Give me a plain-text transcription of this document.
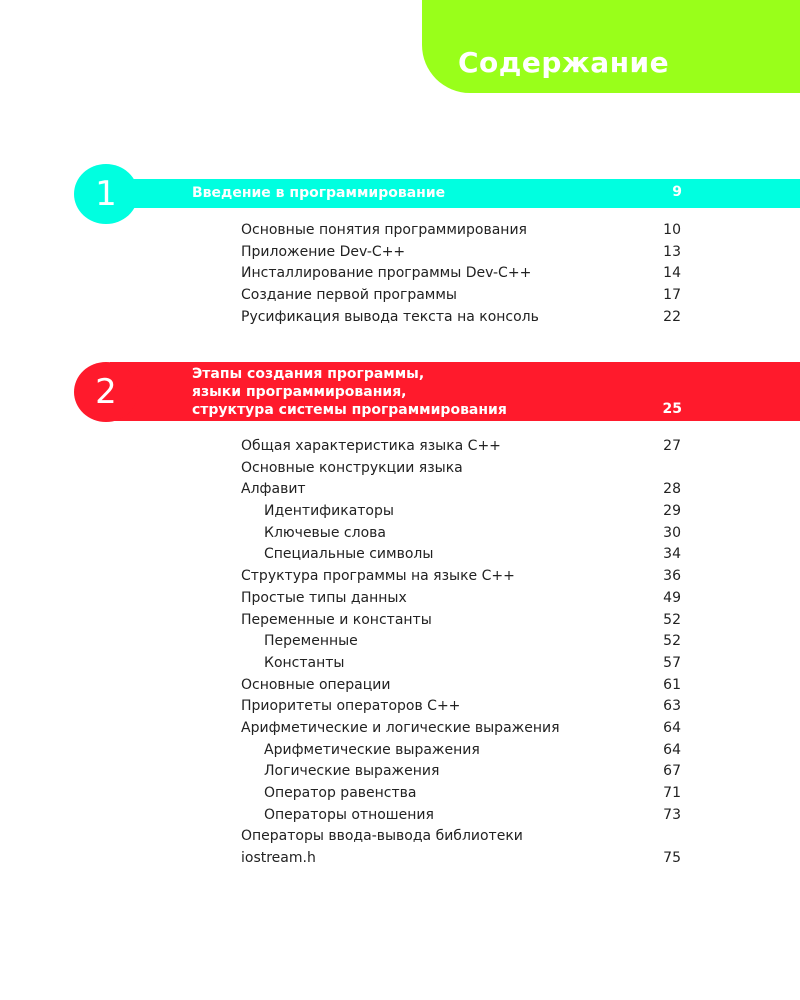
Содержание
1	Введение в программирование	9
Основные понятия программирования	10
Приложение Dev-C++	13
Инсталлирование программы Dev-C++	14
Создание первой программы	17
Русификация вывода текста на консоль	22
2	Этапы создания программы,
языки программирования,
структура системы программирования	25
Общая характеристика языка C++	27
Основные конструкции языка
Алфавит	28
Идентификаторы	29
Ключевые слова	30
Специальные символы	34
Структура программы на языке C++	36
Простые типы данных	49
Переменные и константы	52
Переменные	52
Константы	57
Основные операции	61
Приоритеты операторов C++	63
Арифметические и логические выражения	64
Арифметические выражения	64
Логические выражения	67
Оператор равенства	71
Операторы отношения	73
Операторы ввода-вывода библиотеки
iostream.h	75
